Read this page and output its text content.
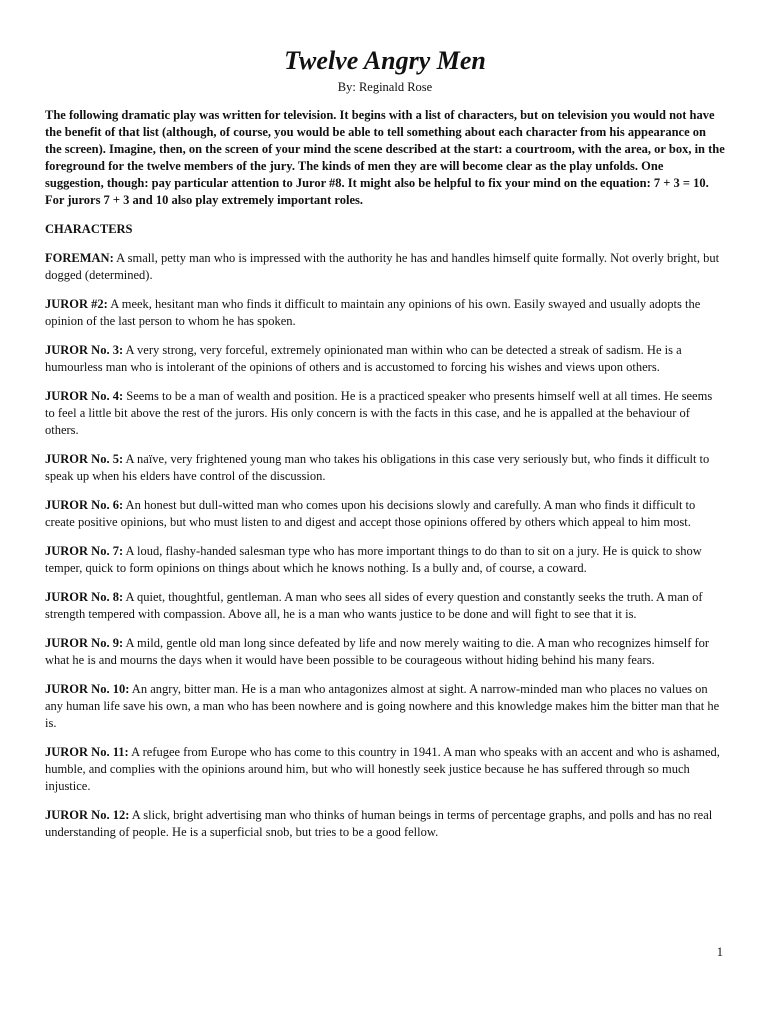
Twelve Angry Men

By: Reginald Rose

The following dramatic play was written for television. It begins with a list of characters, but on television you would not have the benefit of that list (although, of course, you would be able to tell something about each character from his appearance on the screen). Imagine, then, on the screen of your mind the scene described at the start: a courtroom, with the area, or box, in the foreground for the twelve members of the jury. The kinds of men they are will become clear as the play unfolds. One suggestion, though: pay particular attention to Juror #8. It might also be helpful to fix your mind on the equation: 7 + 3 = 10. For jurors 7 + 3 and 10 also play extremely important roles.

CHARACTERS

FOREMAN: A small, petty man who is impressed with the authority he has and handles himself quite formally. Not overly bright, but dogged (determined).

JUROR #2: A meek, hesitant man who finds it difficult to maintain any opinions of his own. Easily swayed and usually adopts the opinion of the last person to whom he has spoken.

JUROR No. 3: A very strong, very forceful, extremely opinionated man within who can be detected a streak of sadism. He is a humourless man who is intolerant of the opinions of others and is accustomed to forcing his wishes and views upon others.

JUROR No. 4: Seems to be a man of wealth and position. He is a practiced speaker who presents himself well at all times. He seems to feel a little bit above the rest of the jurors. His only concern is with the facts in this case, and he is appalled at the behaviour of others.

JUROR No. 5: A naïve, very frightened young man who takes his obligations in this case very seriously but, who finds it difficult to speak up when his elders have control of the discussion.

JUROR No. 6: An honest but dull-witted man who comes upon his decisions slowly and carefully. A man who finds it difficult to create positive opinions, but who must listen to and digest and accept those opinions offered by others which appeal to him most.

JUROR No. 7: A loud, flashy-handed salesman type who has more important things to do than to sit on a jury. He is quick to show temper, quick to form opinions on things about which he knows nothing. Is a bully and, of course, a coward.

JUROR No. 8: A quiet, thoughtful, gentleman. A man who sees all sides of every question and constantly seeks the truth. A man of strength tempered with compassion. Above all, he is a man who wants justice to be done and will fight to see that it is.

JUROR No. 9: A mild, gentle old man long since defeated by life and now merely waiting to die. A man who recognizes himself for what he is and mourns the days when it would have been possible to be courageous without hiding behind his many fears.

JUROR No. 10: An angry, bitter man. He is a man who antagonizes almost at sight. A narrow-minded man who places no values on any human life save his own, a man who has been nowhere and is going nowhere and this knowledge makes him the bitter man that he is.

JUROR No. 11: A refugee from Europe who has come to this country in 1941. A man who speaks with an accent and who is ashamed, humble, and complies with the opinions around him, but who will honestly seek justice because he has suffered through so much injustice.

JUROR No. 12: A slick, bright advertising man who thinks of human beings in terms of percentage graphs, and polls and has no real understanding of people. He is a superficial snob, but tries to be a good fellow.

1
